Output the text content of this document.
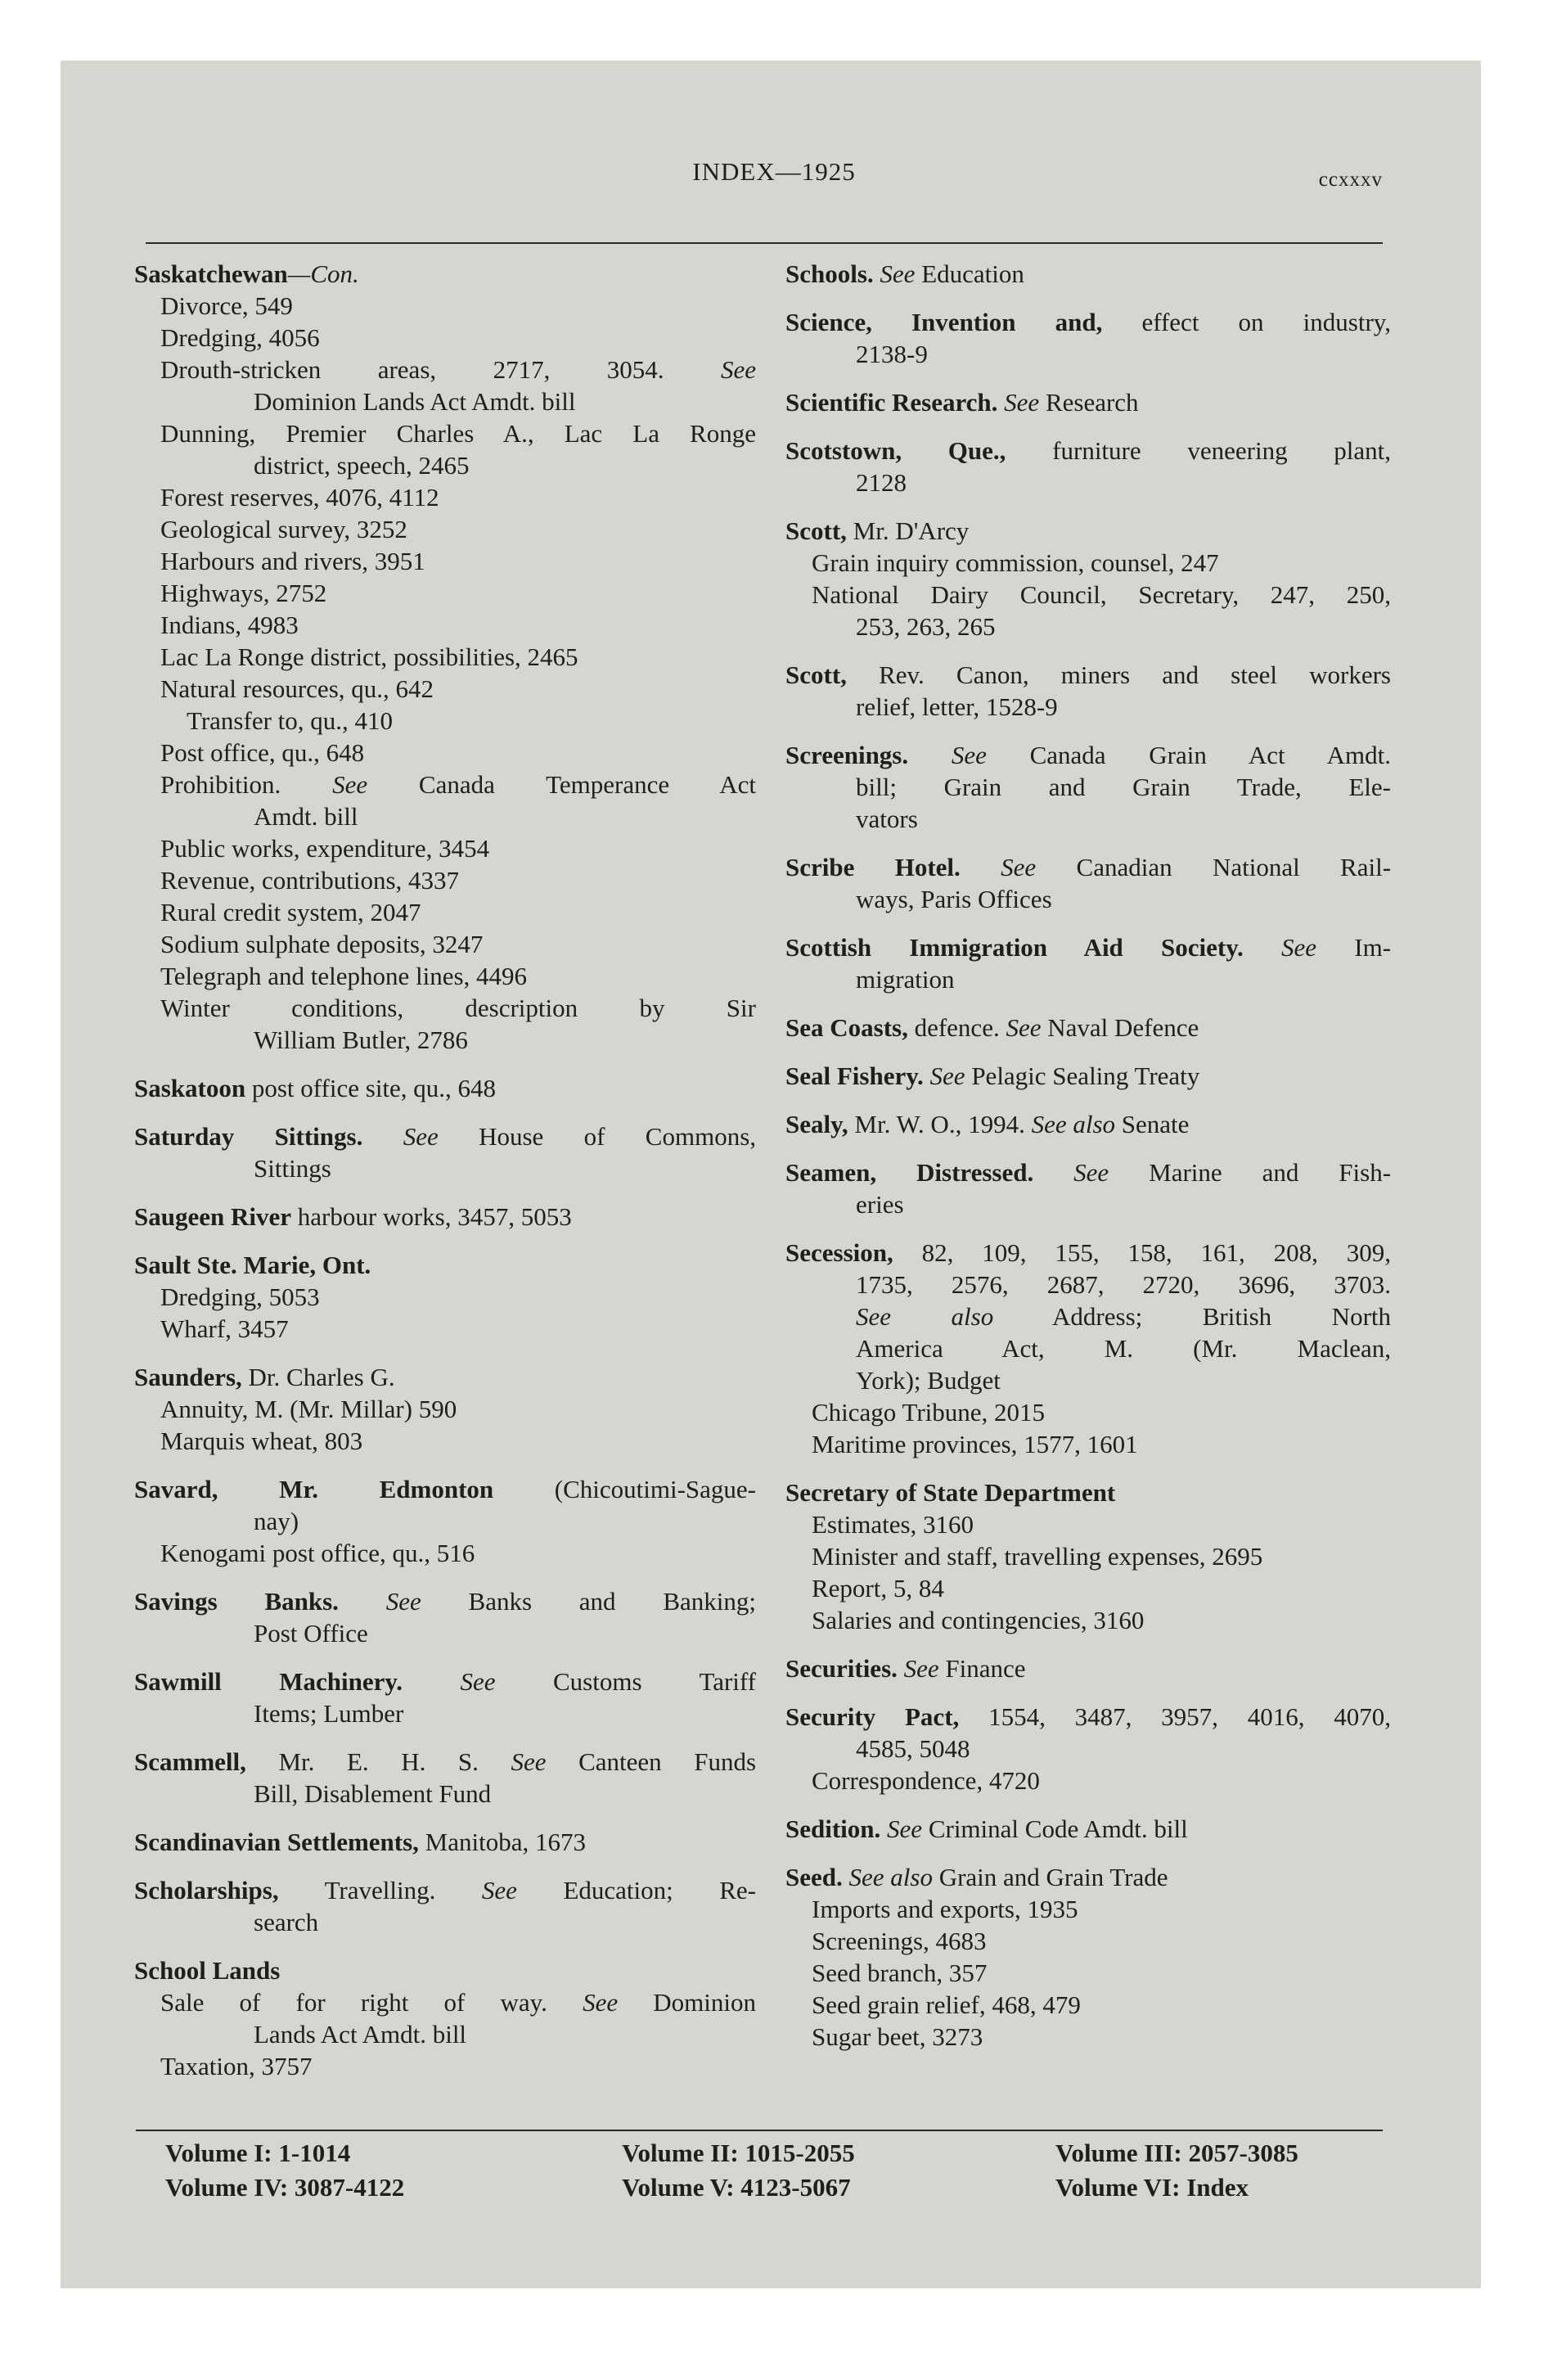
INDEX—1925	ccxxxv
Saskatchewan—Con.
Divorce, 549
Dredging, 4056
Drouth-stricken areas, 2717, 3054. See
Dominion Lands Act Amdt. bill
Dunning, Premier Charles A., Lac La Ronge
district, speech, 2465
Forest reserves, 4076, 4112
Geological survey, 3252
Harbours and rivers, 3951
Highways, 2752
Indians, 4983
Lac La Ronge district, possibilities, 2465
Natural resources, qu., 642
Transfer to, qu., 410
Post office, qu., 648
Prohibition. See Canada Temperance Act
Amdt. bill
Public works, expenditure, 3454
Revenue, contributions, 4337
Rural credit system, 2047
Sodium sulphate deposits, 3247
Telegraph and telephone lines, 4496
Winter conditions, description by Sir
William Butler, 2786
Saskatoon post office site, qu., 648
Saturday Sittings. See House of Commons,
Sittings
Saugeen River harbour works, 3457, 5053
Sault Ste. Marie, Ont.
Dredging, 5053
Wharf, 3457
Saunders, Dr. Charles G.
Annuity, M. (Mr. Millar) 590
Marquis wheat, 803
Savard, Mr. Edmonton (Chicoutimi-Sague-
nay)
Kenogami post office, qu., 516
Savings Banks. See Banks and Banking;
Post Office
Sawmill Machinery. See Customs Tariff
Items; Lumber
Scammell, Mr. E. H. S. See Canteen Funds
Bill, Disablement Fund
Scandinavian Settlements, Manitoba, 1673
Scholarships, Travelling. See Education; Re-
search
School Lands
Sale of for right of way. See Dominion
Lands Act Amdt. bill
Taxation, 3757
Schools. See Education
Science, Invention and, effect on industry,
2138-9
Scientific Research. See Research
Scotstown, Que., furniture veneering plant,
2128
Scott, Mr. D'Arcy
Grain inquiry commission, counsel, 247
National Dairy Council, Secretary, 247, 250,
253, 263, 265
Scott, Rev. Canon, miners and steel workers
relief, letter, 1528-9
Screenings. See Canada Grain Act Amdt.
bill; Grain and Grain Trade, Ele-
vators
Scribe Hotel. See Canadian National Rail-
ways, Paris Offices
Scottish Immigration Aid Society. See Im-
migration
Sea Coasts, defence. See Naval Defence
Seal Fishery. See Pelagic Sealing Treaty
Sealy, Mr. W. O., 1994. See also Senate
Seamen, Distressed. See Marine and Fish-
eries
Secession, 82, 109, 155, 158, 161, 208, 309,
1735, 2576, 2687, 2720, 3696, 3703.
See also Address; British North
America Act, M. (Mr. Maclean,
York); Budget
Chicago Tribune, 2015
Maritime provinces, 1577, 1601
Secretary of State Department
Estimates, 3160
Minister and staff, travelling expenses, 2695
Report, 5, 84
Salaries and contingencies, 3160
Securities. See Finance
Security Pact, 1554, 3487, 3957, 4016, 4070,
4585, 5048
Correspondence, 4720
Sedition. See Criminal Code Amdt. bill
Seed. See also Grain and Grain Trade
Imports and exports, 1935
Screenings, 4683
Seed branch, 357
Seed grain relief, 468, 479
Sugar beet, 3273
Volume I: 1-1014
Volume IV: 3087-4122
Volume II: 1015-2055
Volume V: 4123-5067
Volume III: 2057-3085
Volume VI: Index
